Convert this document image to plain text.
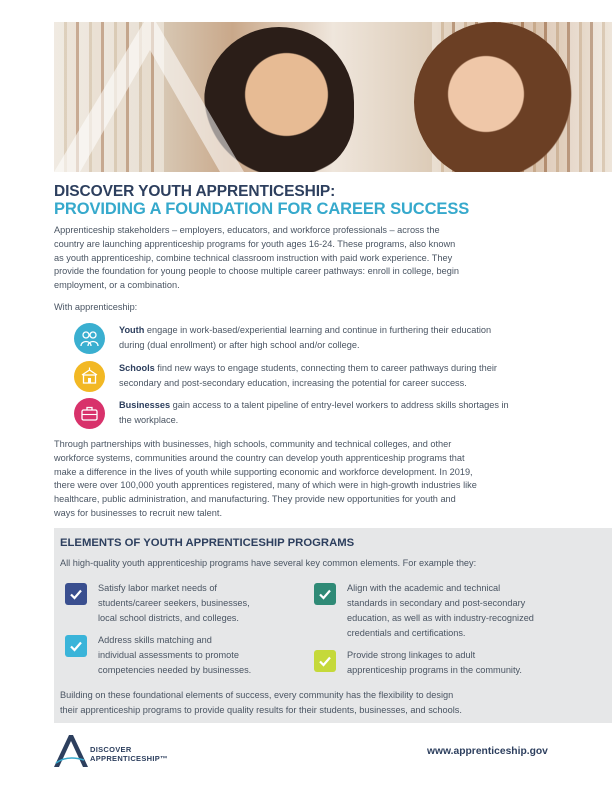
DISCOVER YOUTH APPRENTICESHIP:
PROVIDING A FOUNDATION FOR CAREER SUCCESS
Apprenticeship stakeholders – employers, educators, and workforce professionals – across the
country are launching apprenticeship programs for youth ages 16-24. These programs, also known
as youth apprenticeship, combine technical classroom instruction with paid work experience. They
provide the foundation for young people to choose multiple career pathways: enroll in college, begin
employment, or a combination.
With apprenticeship:
Youth engage in work-based/experiential learning and continue in furthering their education
during (dual enrollment) or after high school and/or college.
Schools find new ways to engage students, connecting them to career pathways during their
secondary and post-secondary education, increasing the potential for career success.
Businesses gain access to a talent pipeline of entry-level workers to address skills shortages in
the workplace.
Through partnerships with businesses, high schools, community and technical colleges, and other
workforce systems, communities around the country can develop youth apprenticeship programs that
make a difference in the lives of youth while supporting economic and workforce development. In 2019,
there were over 100,000 youth apprentices registered, many of which were in high-growth industries like
healthcare, public administration, and manufacturing. They provide new opportunities for youth and
ways for businesses to recruit new talent.
ELEMENTS OF YOUTH APPRENTICESHIP PROGRAMS
All high-quality youth apprenticeship programs have several key common elements. For example they:
Satisfy labor market needs of
students/career seekers, businesses,
local school districts, and colleges.
Align with the academic and technical
standards in secondary and post-secondary
education, as well as with industry-recognized
credentials and certifications.
Address skills matching and
individual assessments to promote
competencies needed by businesses.
Provide strong linkages to adult
apprenticeship programs in the community.
Building on these foundational elements of success, every community has the flexibility to design
their apprenticeship programs to provide quality results for their students, businesses, and schools.
DISCOVER
APPRENTICESHIP™
www.apprenticeship.gov
